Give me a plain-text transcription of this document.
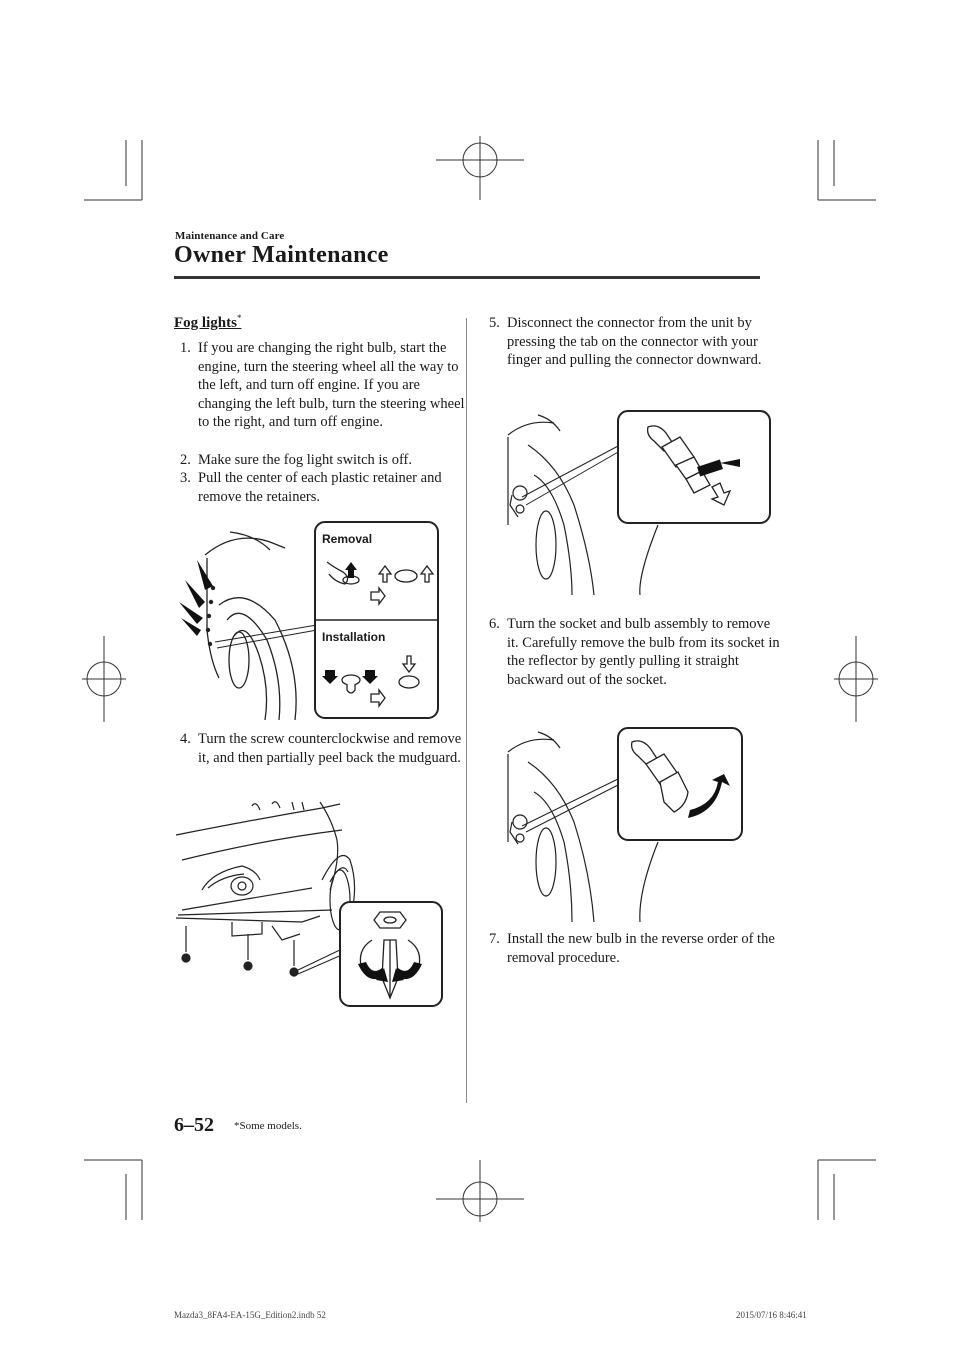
Maintenance and Care
Owner Maintenance
Fog lights*

1. If you are changing the right bulb, start the engine, turn the steering wheel all the way to the left, and turn off engine. If you are changing the left bulb, turn the steering wheel to the right, and turn off engine.

2. Make sure the fog light switch is off.

3. Pull the center of each plastic retainer and remove the retainers.

Removal
Installation

4. Turn the screw counterclockwise and remove it, and then partially peel back the mudguard.

5. Disconnect the connector from the unit by pressing the tab on the connector with your finger and pulling the connector downward.

6. Turn the socket and bulb assembly to remove it. Carefully remove the bulb from its socket in the reflector by gently pulling it straight backward out of the socket.

7. Install the new bulb in the reverse order of the removal procedure.

6–52 *Some models.
Mazda3_8FA4-EA-15G_Edition2.indb 52	2015/07/16 8:46:41
